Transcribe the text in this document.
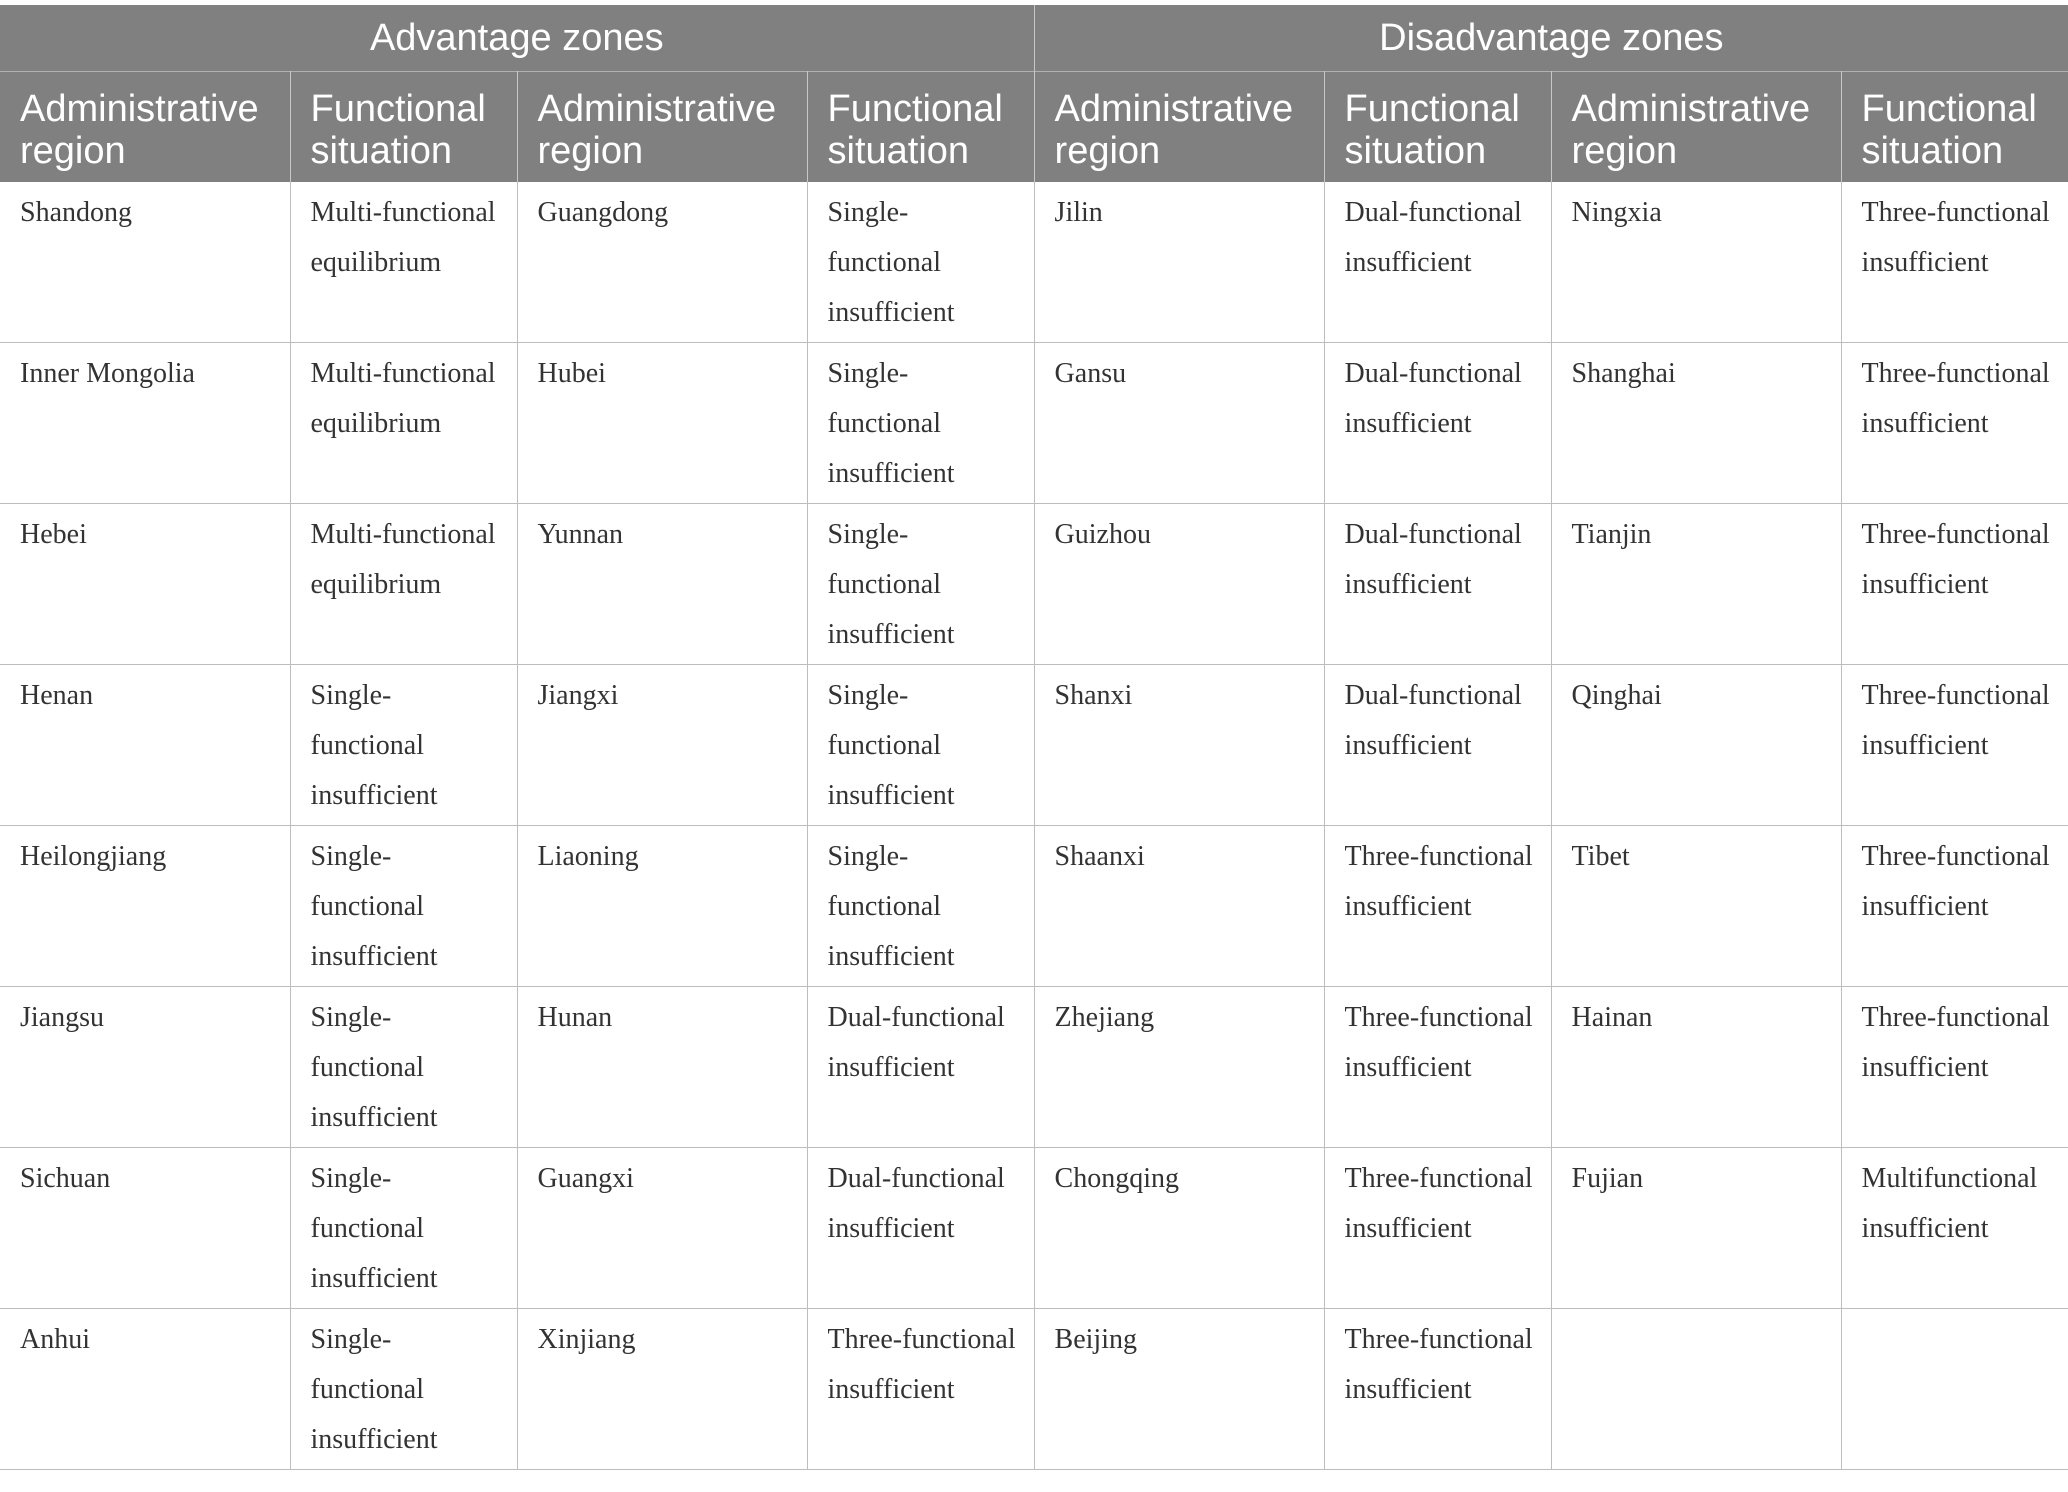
Advantage zones				Disadvantage zones			
Administrative region	Functional situation	Administrative region	Functional situation	Administrative region	Functional situation	Administrative region	Functional situation
Shandong	Multi-functional equilibrium	Guangdong	Single-functional insufficient	Jilin	Dual-functional insufficient	Ningxia	Three-functional insufficient
Inner Mongolia	Multi-functional equilibrium	Hubei	Single-functional insufficient	Gansu	Dual-functional insufficient	Shanghai	Three-functional insufficient
Hebei	Multi-functional equilibrium	Yunnan	Single-functional insufficient	Guizhou	Dual-functional insufficient	Tianjin	Three-functional insufficient
Henan	Single-functional insufficient	Jiangxi	Single-functional insufficient	Shanxi	Dual-functional insufficient	Qinghai	Three-functional insufficient
Heilongjiang	Single-functional insufficient	Liaoning	Single-functional insufficient	Shaanxi	Three-functional insufficient	Tibet	Three-functional insufficient
Jiangsu	Single-functional insufficient	Hunan	Dual-functional insufficient	Zhejiang	Three-functional insufficient	Hainan	Three-functional insufficient
Sichuan	Single-functional insufficient	Guangxi	Dual-functional insufficient	Chongqing	Three-functional insufficient	Fujian	Multifunctional insufficient
Anhui	Single-functional insufficient	Xinjiang	Three-functional insufficient	Beijing	Three-functional insufficient		
